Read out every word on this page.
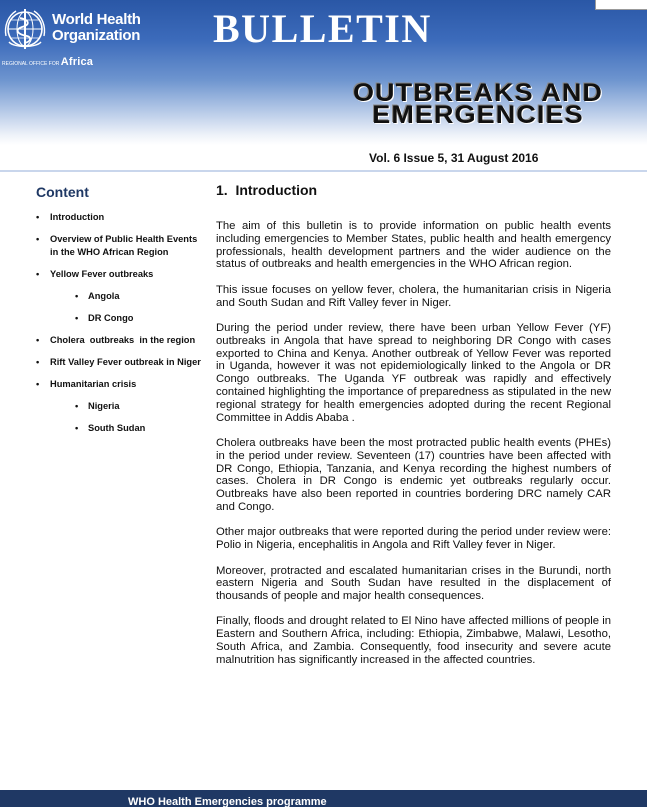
World Health
Organization
REGIONAL OFFICE FOR Africa
BULLETIN
OUTBREAKS AND
EMERGENCIES
Vol. 6 Issue 5, 31 August 2016
Content
• Introduction
• Overview of Public Health Events
in the WHO African Region
• Yellow Fever outbreaks
• Angola
• DR Congo
• Cholera  outbreaks  in the region
• Rift Valley Fever outbreak in Niger
• Humanitarian crisis
• Nigeria
• South Sudan
1.  Introduction

The aim of this bulletin is to provide information on public health events including emergencies to Member States, public health and health emergency professionals, health development partners and the wider audience on the status of outbreaks and health emergencies in the WHO African region.

This issue focuses on yellow fever, cholera, the humanitarian crisis in Nigeria and South Sudan and Rift Valley fever in Niger.

During the period under review, there have been urban Yellow Fever (YF) outbreaks in Angola that have spread to neighboring DR Congo with cases exported to China and Kenya. Another outbreak of Yellow Fever was reported in Uganda, however it was not epidemiologically linked to the Angola or DR Congo outbreaks. The Uganda YF outbreak was rapidly and effectively contained highlighting the importance of preparedness as stipulated in the new regional strategy for health emergencies adopted during the recent Regional Committee in Addis Ababa .

Cholera outbreaks have been the most protracted public health events (PHEs) in the period under review. Seventeen (17) countries have been affected with DR Congo, Ethiopia, Tanzania, and Kenya recording the highest numbers of cases. Cholera in DR Congo is endemic yet outbreaks regularly occur. Outbreaks have also been reported in countries bordering DRC namely CAR and Congo.

Other major outbreaks that were reported during the period under review were: Polio in Nigeria, encephalitis in Angola and Rift Valley fever in Niger.

Moreover, protracted and escalated humanitarian crises in the Burundi, north eastern Nigeria and South Sudan have resulted in the displacement of thousands of people and major health consequences.

Finally, floods and drought related to El Nino have affected millions of people in Eastern and Southern Africa, including: Ethiopia, Zimbabwe, Malawi, Lesotho, South Africa, and Zambia. Consequently, food insecurity and severe acute malnutrition has significantly increased in the affected countries.

WHO Health Emergencies programme
